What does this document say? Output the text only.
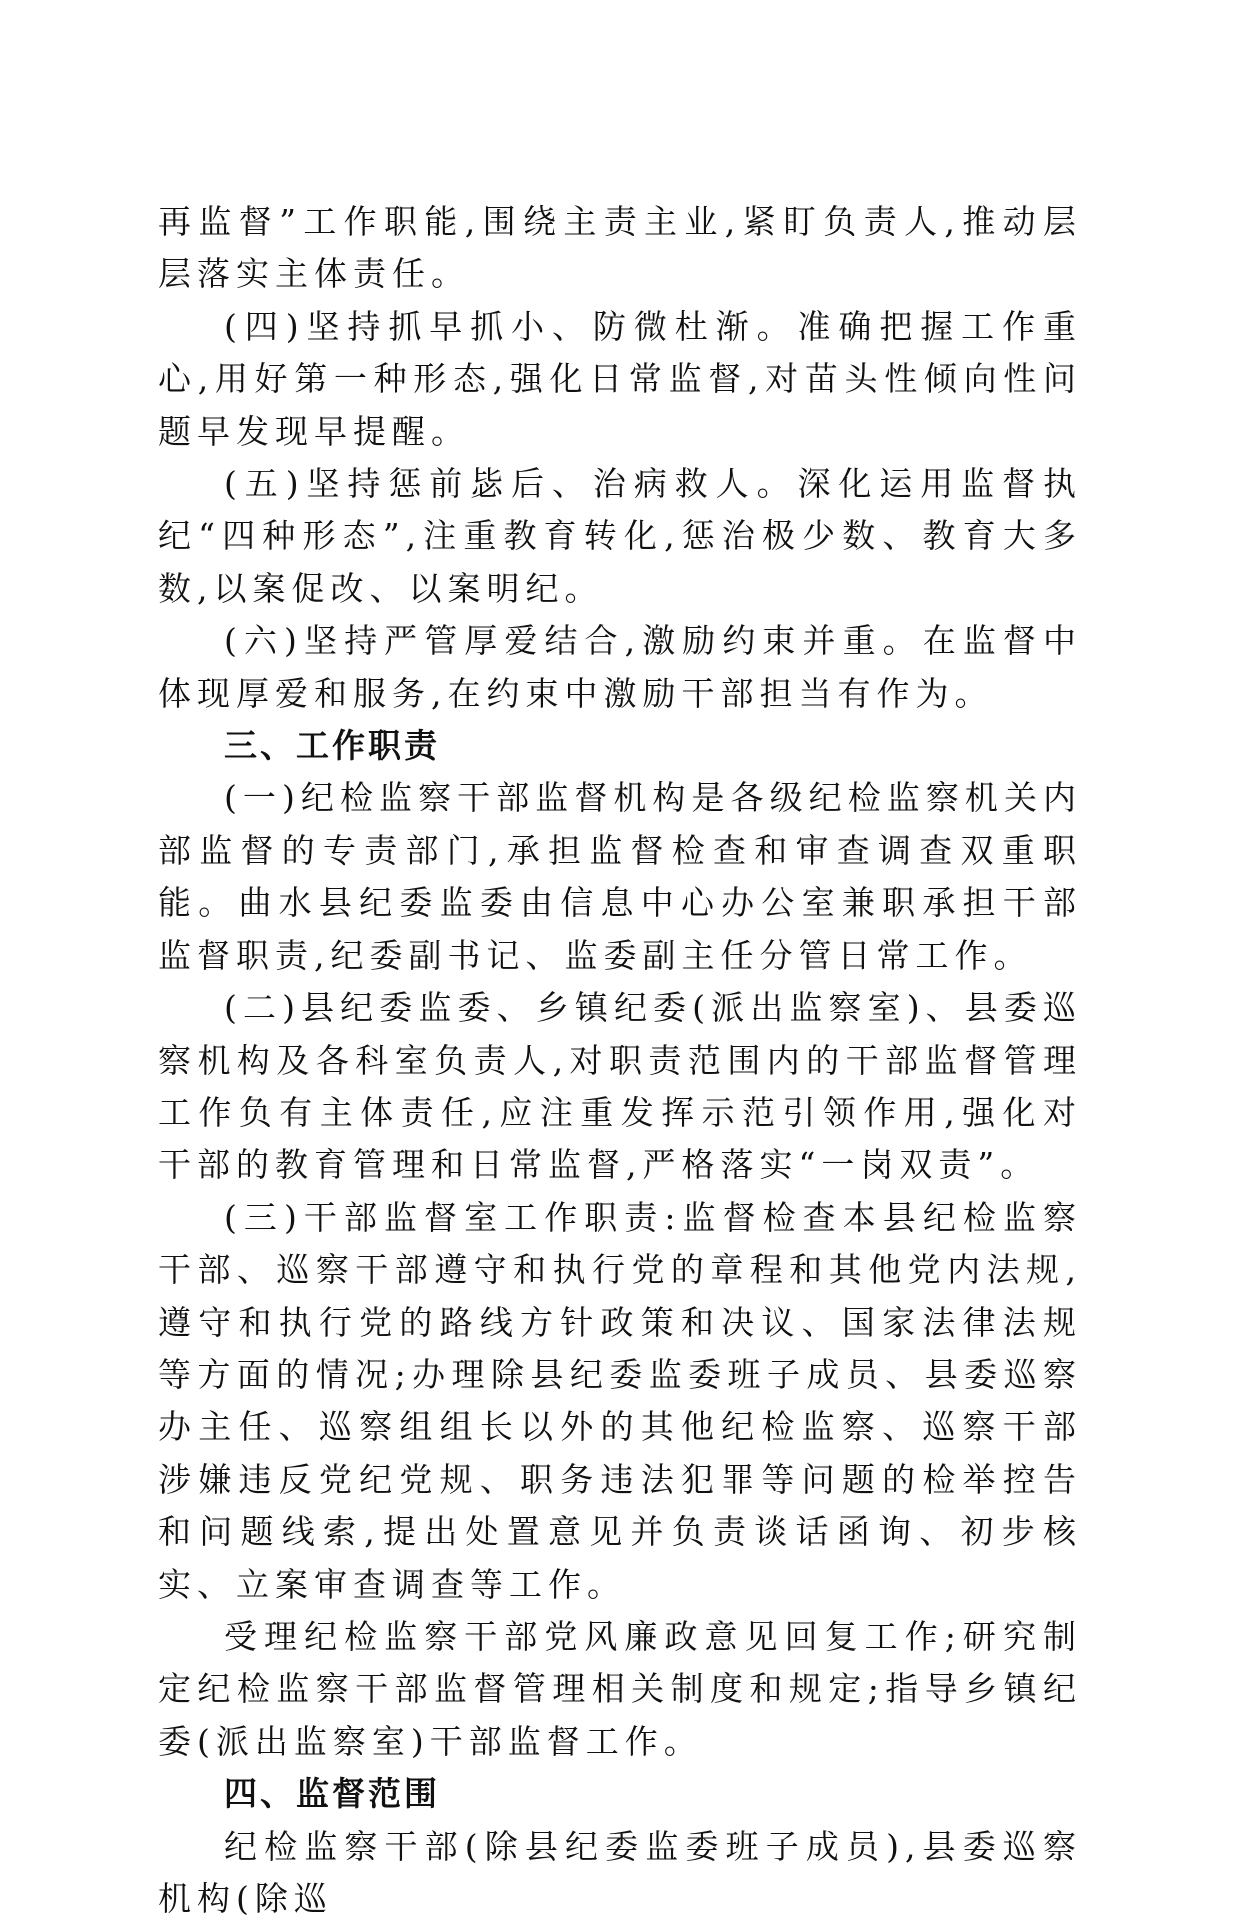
再监督”工作职能,围绕主责主业,紧盯负责人,推动层层落实主体责任。

(四)坚持抓早抓小、防微杜渐。准确把握工作重心,用好第一种形态,强化日常监督,对苗头性倾向性问题早发现早提醒。

(五)坚持惩前毖后、治病救人。深化运用监督执纪“四种形态”,注重教育转化,惩治极少数、教育大多数,以案促改、以案明纪。

(六)坚持严管厚爱结合,激励约束并重。在监督中体现厚爱和服务,在约束中激励干部担当有作为。

三、工作职责

(一)纪检监察干部监督机构是各级纪检监察机关内部监督的专责部门,承担监督检查和审查调查双重职能。曲水县纪委监委由信息中心办公室兼职承担干部监督职责,纪委副书记、监委副主任分管日常工作。

(二)县纪委监委、乡镇纪委(派出监察室)、县委巡察机构及各科室负责人,对职责范围内的干部监督管理工作负有主体责任,应注重发挥示范引领作用,强化对干部的教育管理和日常监督,严格落实“一岗双责”。

(三)干部监督室工作职责:监督检查本县纪检监察干部、巡察干部遵守和执行党的章程和其他党内法规,遵守和执行党的路线方针政策和决议、国家法律法规等方面的情况;办理除县纪委监委班子成员、县委巡察办主任、巡察组组长以外的其他纪检监察、巡察干部涉嫌违反党纪党规、职务违法犯罪等问题的检举控告和问题线索,提出处置意见并负责谈话函询、初步核实、立案审查调查等工作。

受理纪检监察干部党风廉政意见回复工作;研究制定纪检监察干部监督管理相关制度和规定;指导乡镇纪委(派出监察室)干部监督工作。

四、监督范围

纪检监察干部(除县纪委监委班子成员),县委巡察机构(除巡
